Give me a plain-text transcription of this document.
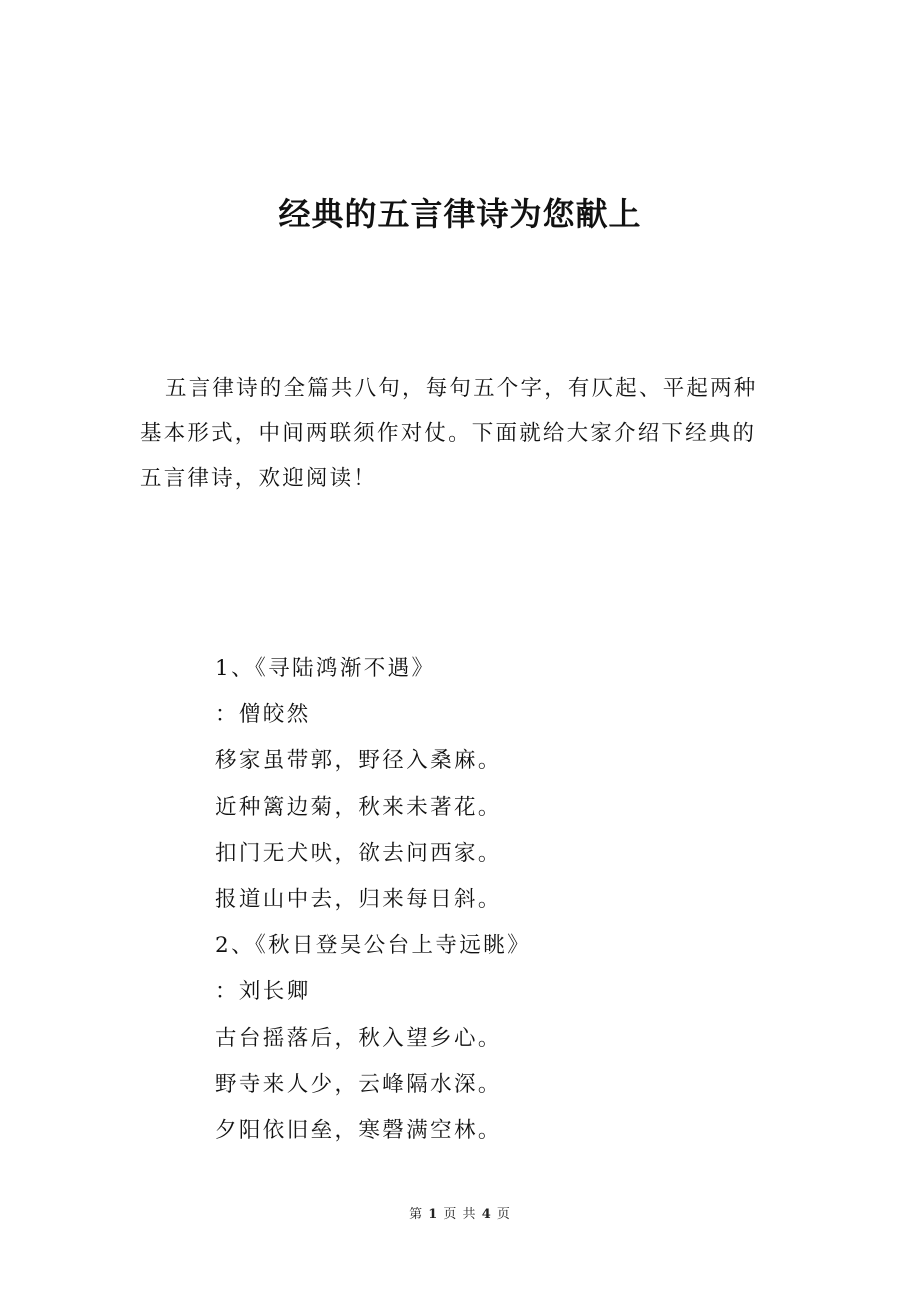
经典的五言律诗为您献上

五言律诗的全篇共八句，每句五个字，有仄起、平起两种基本形式，中间两联须作对仗。下面就给大家介绍下经典的五言律诗，欢迎阅读！

1、《寻陆鸿渐不遇》
：僧皎然
移家虽带郭，野径入桑麻。
近种篱边菊，秋来未著花。
扣门无犬吠，欲去问西家。
报道山中去，归来每日斜。
2、《秋日登吴公台上寺远眺》
：刘长卿
古台摇落后，秋入望乡心。
野寺来人少，云峰隔水深。
夕阳依旧垒，寒磬满空林。
第 1 页 共 4 页
